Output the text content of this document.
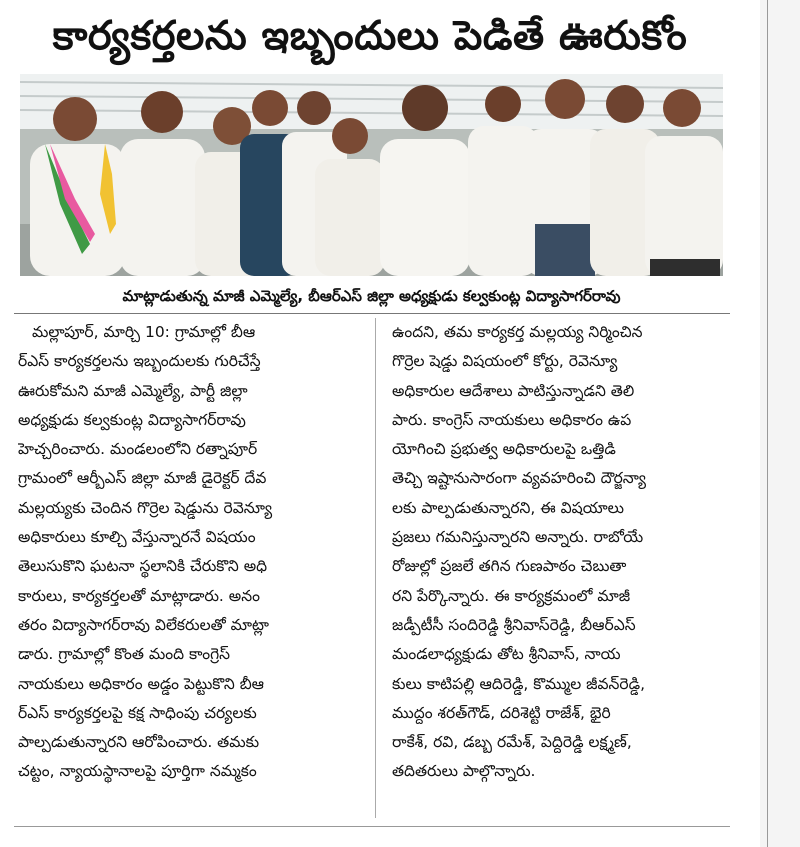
కార్యకర్తలను ఇబ్బందులు పెడితే ఊరుకోం
మాట్లాడుతున్న మాజీ ఎమ్మెల్యే, బీఆర్‌ఎస్ జిల్లా అధ్యక్షుడు కల్వకుంట్ల విద్యాసాగర్‌రావు
మల్లాపూర్, మార్చి 10: గ్రామాల్లో బీఆ
ర్‌ఎస్ కార్యకర్తలను ఇబ్బందులకు గురిచేస్తే
ఊరుకోమని మాజీ ఎమ్మెల్యే, పార్టీ జిల్లా
అధ్యక్షుడు కల్వకుంట్ల విద్యాసాగర్‌రావు
హెచ్చరించారు. మండలంలోని రత్నాపూర్
గ్రామంలో ఆర్బీఎస్ జిల్లా మాజీ డైరెక్టర్ దేవ
మల్లయ్యకు చెందిన గొర్రెల షెడ్డును రెవెన్యూ
అధికారులు కూల్చి వేస్తున్నారనే విషయం
తెలుసుకొని ఘటనా స్థలానికి చేరుకొని అధి
కారులు, కార్యకర్తలతో మాట్లాడారు. అనం
తరం విద్యాసాగర్‌రావు విలేకరులతో మాట్లా
డారు. గ్రామాల్లో కొంత మంది కాంగ్రెస్
నాయకులు అధికారం అడ్డం పెట్టుకొని బీఆ
ర్‌ఎస్ కార్యకర్తలపై కక్ష సాధింపు చర్యలకు
పాల్పడుతున్నారని ఆరోపించారు. తమకు
చట్టం, న్యాయస్థానాలపై పూర్తిగా నమ్మకం
ఉందని, తమ కార్యకర్త మల్లయ్య నిర్మించిన
గొర్రెల షెడ్డు విషయంలో కోర్టు, రెవెన్యూ
అధికారుల ఆదేశాలు పాటిస్తున్నాడని తెలి
పారు. కాంగ్రెస్ నాయకులు అధికారం ఉప
యోగించి ప్రభుత్వ అధికారులపై ఒత్తిడి
తెచ్చి ఇష్టానుసారంగా వ్యవహరించి దౌర్జన్యా
లకు పాల్పడుతున్నారని, ఈ విషయాలు
ప్రజలు గమనిస్తున్నారని అన్నారు. రాబోయే
రోజుల్లో ప్రజలే తగిన గుణపాఠం చెబుతా
రని పేర్కొన్నారు. ఈ కార్యక్రమంలో మాజీ
జడ్పీటీసీ సందిరెడ్డి శ్రీనివాస్‌రెడ్డి, బీఆర్‌ఎస్
మండలాధ్యక్షుడు తోట శ్రీనివాస్, నాయ
కులు కాటిపల్లి ఆదిరెడ్డి, కొమ్ముల జీవన్‌రెడ్డి,
ముద్దం శరత్‌గౌడ్, దరిశెట్టి రాజేశ్, భైరి
రాకేశ్, రవి, డబ్బ రమేశ్, పెద్దిరెడ్డి లక్ష్మణ్,
తదితరులు పాల్గొన్నారు.
